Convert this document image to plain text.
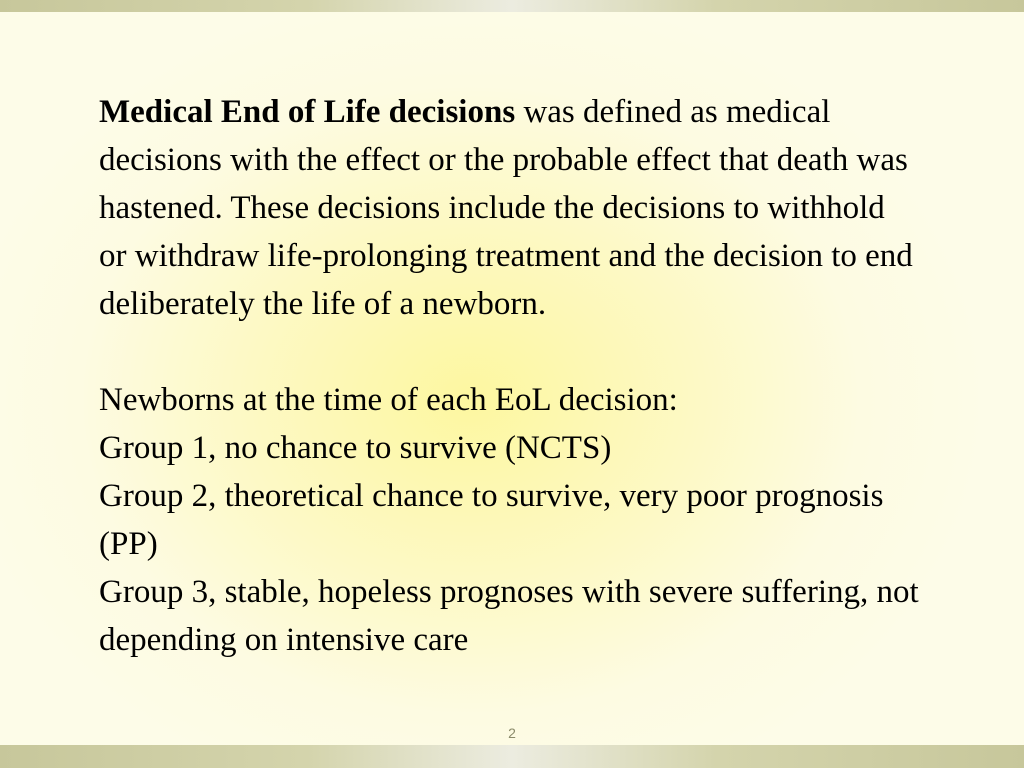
Medical End of Life decisions was defined as medical decisions with the effect or the probable effect that death was hastened. These decisions include the decisions to withhold or withdraw life-prolonging treatment and the decision to end deliberately the life of a newborn.

Newborns at the time of each EoL decision:
Group 1, no chance to survive (NCTS)
Group 2, theoretical chance to survive, very poor prognosis (PP)
Group 3, stable, hopeless prognoses with severe suffering, not depending on intensive care
2
